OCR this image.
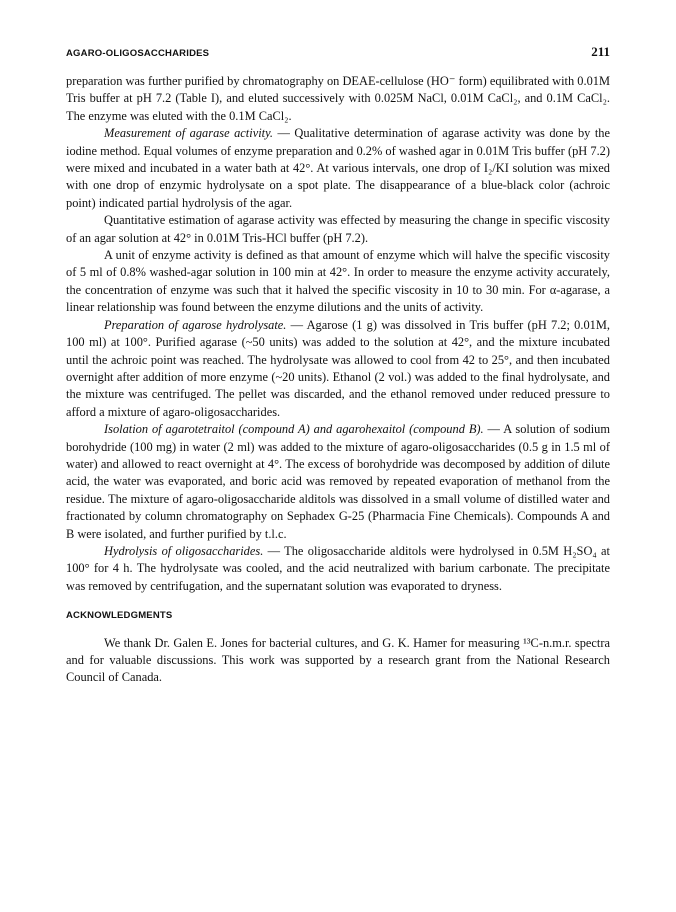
AGARO-OLIGOSACCHARIDES	211

preparation was further purified by chromatography on DEAE-cellulose (HO⁻ form) equilibrated with 0.01M Tris buffer at pH 7.2 (Table I), and eluted successively with 0.025M NaCl, 0.01M CaCl₂, and 0.1M CaCl₂. The enzyme was eluted with the 0.1M CaCl₂.

Measurement of agarase activity. — Qualitative determination of agarase activity was done by the iodine method. Equal volumes of enzyme preparation and 0.2% of washed agar in 0.01M Tris buffer (pH 7.2) were mixed and incubated in a water bath at 42°. At various intervals, one drop of I₂/KI solution was mixed with one drop of enzymic hydrolysate on a spot plate. The disappearance of a blue-black color (achroic point) indicated partial hydrolysis of the agar.

Quantitative estimation of agarase activity was effected by measuring the change in specific viscosity of an agar solution at 42° in 0.01M Tris-HCl buffer (pH 7.2).

A unit of enzyme activity is defined as that amount of enzyme which will halve the specific viscosity of 5 ml of 0.8% washed-agar solution in 100 min at 42°. In order to measure the enzyme activity accurately, the concentration of enzyme was such that it halved the specific viscosity in 10 to 30 min. For α-agarase, a linear relationship was found between the enzyme dilutions and the units of activity.

Preparation of agarose hydrolysate. — Agarose (1 g) was dissolved in Tris buffer (pH 7.2; 0.01M, 100 ml) at 100°. Purified agarase (~50 units) was added to the solution at 42°, and the mixture incubated until the achroic point was reached. The hydrolysate was allowed to cool from 42 to 25°, and then incubated overnight after addition of more enzyme (~20 units). Ethanol (2 vol.) was added to the final hydrolysate, and the mixture was centrifuged. The pellet was discarded, and the ethanol removed under reduced pressure to afford a mixture of agaro-oligosaccharides.

Isolation of agarotetraitol (compound A) and agarohexaitol (compound B). — A solution of sodium borohydride (100 mg) in water (2 ml) was added to the mixture of agaro-oligosaccharides (0.5 g in 1.5 ml of water) and allowed to react overnight at 4°. The excess of borohydride was decomposed by addition of dilute acid, the water was evaporated, and boric acid was removed by repeated evaporation of methanol from the residue. The mixture of agaro-oligosaccharide alditols was dissolved in a small volume of distilled water and fractionated by column chromatography on Sephadex G-25 (Pharmacia Fine Chemicals). Compounds A and B were isolated, and further purified by t.l.c.

Hydrolysis of oligosaccharides. — The oligosaccharide alditols were hydrolysed in 0.5M H₂SO₄ at 100° for 4 h. The hydrolysate was cooled, and the acid neutralized with barium carbonate. The precipitate was removed by centrifugation, and the supernatant solution was evaporated to dryness.

ACKNOWLEDGMENTS

We thank Dr. Galen E. Jones for bacterial cultures, and G. K. Hamer for measuring ¹³C-n.m.r. spectra and for valuable discussions. This work was supported by a research grant from the National Research Council of Canada.
